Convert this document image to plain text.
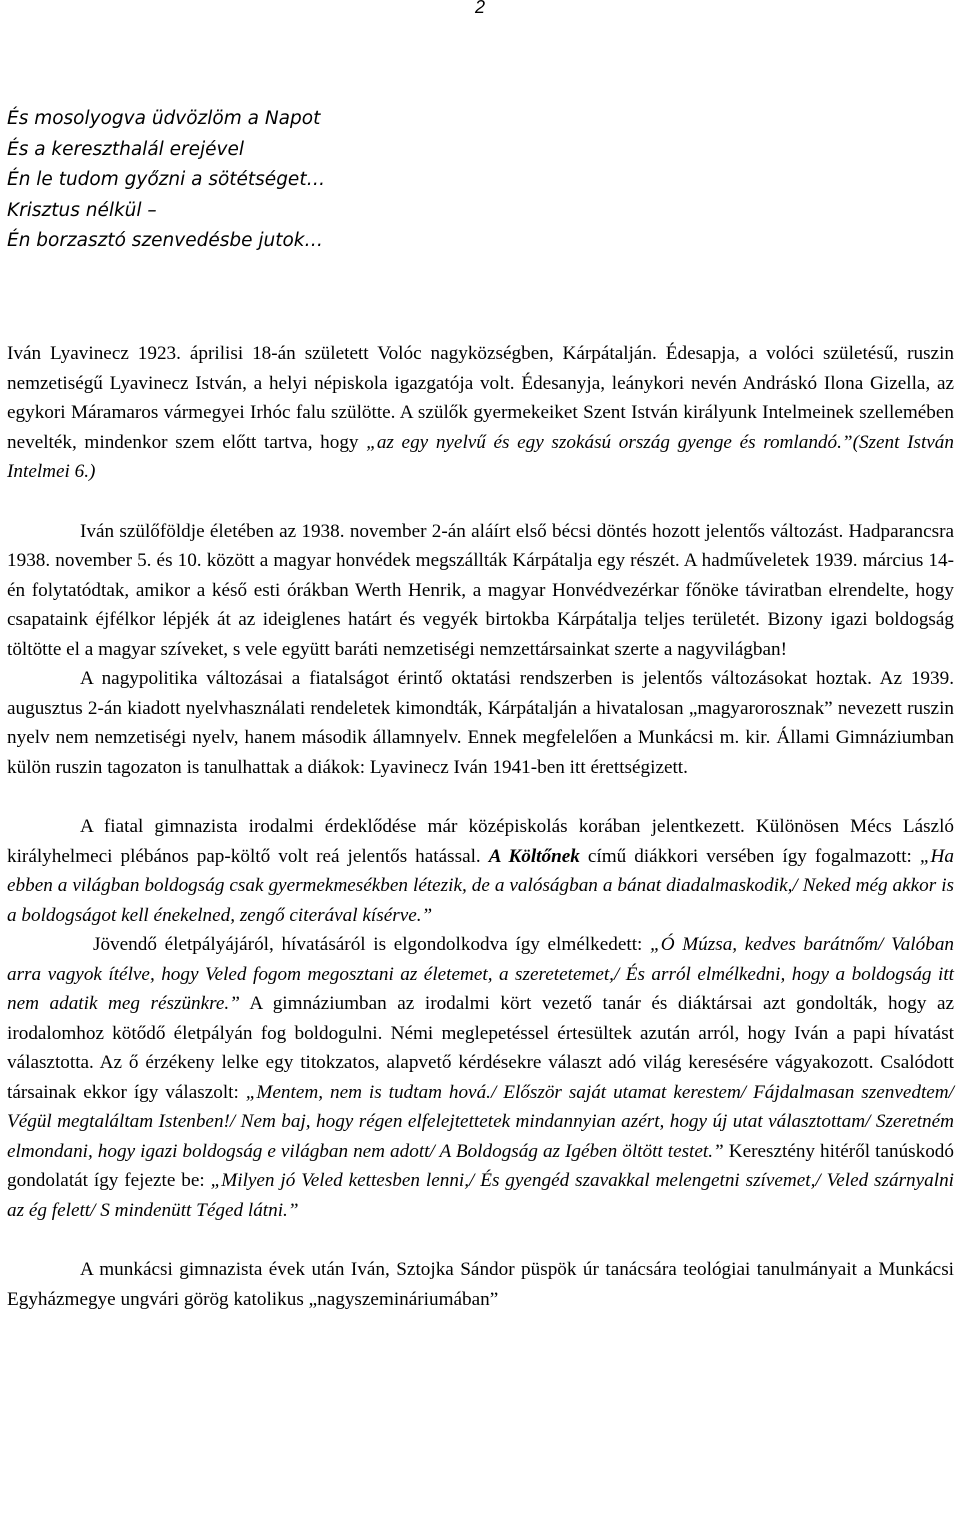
2
És mosolyogva üdvözlöm a Napot
És a kereszthalál erejével
Én le tudom győzni a sötétséget…
Krisztus nélkül –
Én borzasztó szenvedésbe jutok…

Iván Lyavinecz 1923. áprilisi 18-án született Volóc nagyközségben, Kárpátalján. Édesapja, a volóci születésű, ruszin nemzetiségű Lyavinecz István, a helyi népiskola igazgatója volt. Édesanyja, leánykori nevén Andráskó Ilona Gizella, az egykori Máramaros vármegyei Irhóc falu szülötte. A szülők gyermekeiket Szent István királyunk Intelmeinek szellemében nevelték, mindenkor szem előtt tartva, hogy „az egy nyelvű és egy szokású ország gyenge és romlandó.”(Szent István Intelmei 6.)

Iván szülőföldje életében az 1938. november 2-án aláírt első bécsi döntés hozott jelentős változást. Hadparancsra 1938. november 5. és 10. között a magyar honvédek megszállták Kárpátalja egy részét. A hadműveletek 1939. március 14-én folytatódtak, amikor a késő esti órákban Werth Henrik, a magyar Honvédvezérkar főnöke táviratban elrendelte, hogy csapataink éjfélkor lépjék át az ideiglenes határt és vegyék birtokba Kárpátalja teljes területét. Bizony igazi boldogság töltötte el a magyar szíveket, s vele együtt baráti nemzetiségi nemzettársainkat szerte a nagyvilágban!

A nagypolitika változásai a fiatalságot érintő oktatási rendszerben is jelentős változásokat hoztak. Az 1939. augusztus 2-án kiadott nyelvhasználati rendeletek kimondták, Kárpátalján a hivatalosan „magyarorosznak” nevezett ruszin nyelv nem nemzetiségi nyelv, hanem második államnyelv. Ennek megfelelően a Munkácsi m. kir. Állami Gimnáziumban külön ruszin tagozaton is tanulhattak a diákok: Lyavinecz Iván 1941-ben itt érettségizett.

A fiatal gimnazista irodalmi érdeklődése már középiskolás korában jelentkezett. Különösen Mécs László királyhelmeci plébános pap-költő volt reá jelentős hatással. A Költőnek című diákkori versében így fogalmazott: „Ha ebben a világban boldogság csak gyermekmesékben létezik, de a valóságban a bánat diadalmaskodik,/ Neked még akkor is a boldogságot kell énekelned, zengő citerával kísérve.”

Jövendő életpályájáról, hívatásáról is elgondolkodva így elmélkedett: „Ó Múzsa, kedves barátnőm/ Valóban arra vagyok ítélve, hogy Veled fogom megosztani az életemet, a szeretetemet,/ És arról elmélkedni, hogy a boldogság itt nem adatik meg részünkre.” A gimnáziumban az irodalmi kört vezető tanár és diáktársai azt gondolták, hogy az irodalomhoz kötődő életpályán fog boldogulni. Némi meglepetéssel értesültek azután arról, hogy Iván a papi hívatást választotta. Az ő érzékeny lelke egy titokzatos, alapvető kérdésekre választ adó világ keresésére vágyakozott. Csalódott társainak ekkor így válaszolt: „Mentem, nem is tudtam hová./ Először saját utamat kerestem/ Fájdalmasan szenvedtem/ Végül megtaláltam Istenben!/ Nem baj, hogy régen elfelejtettetek mindannyian azért, hogy új utat választottam/ Szeretném elmondani, hogy igazi boldogság e világban nem adott/ A Boldogság az Igében öltött testet.” Keresztény hitéről tanúskodó gondolatát így fejezte be: „Milyen jó Veled kettesben lenni,/ És gyengéd szavakkal melengetni szívemet,/ Veled szárnyalni az ég felett/ S mindenütt Téged látni.”

A munkácsi gimnazista évek után Iván, Sztojka Sándor püspök úr tanácsára teológiai tanulmányait a Munkácsi Egyházmegye ungvári görög katolikus „nagyszemináriumában”
